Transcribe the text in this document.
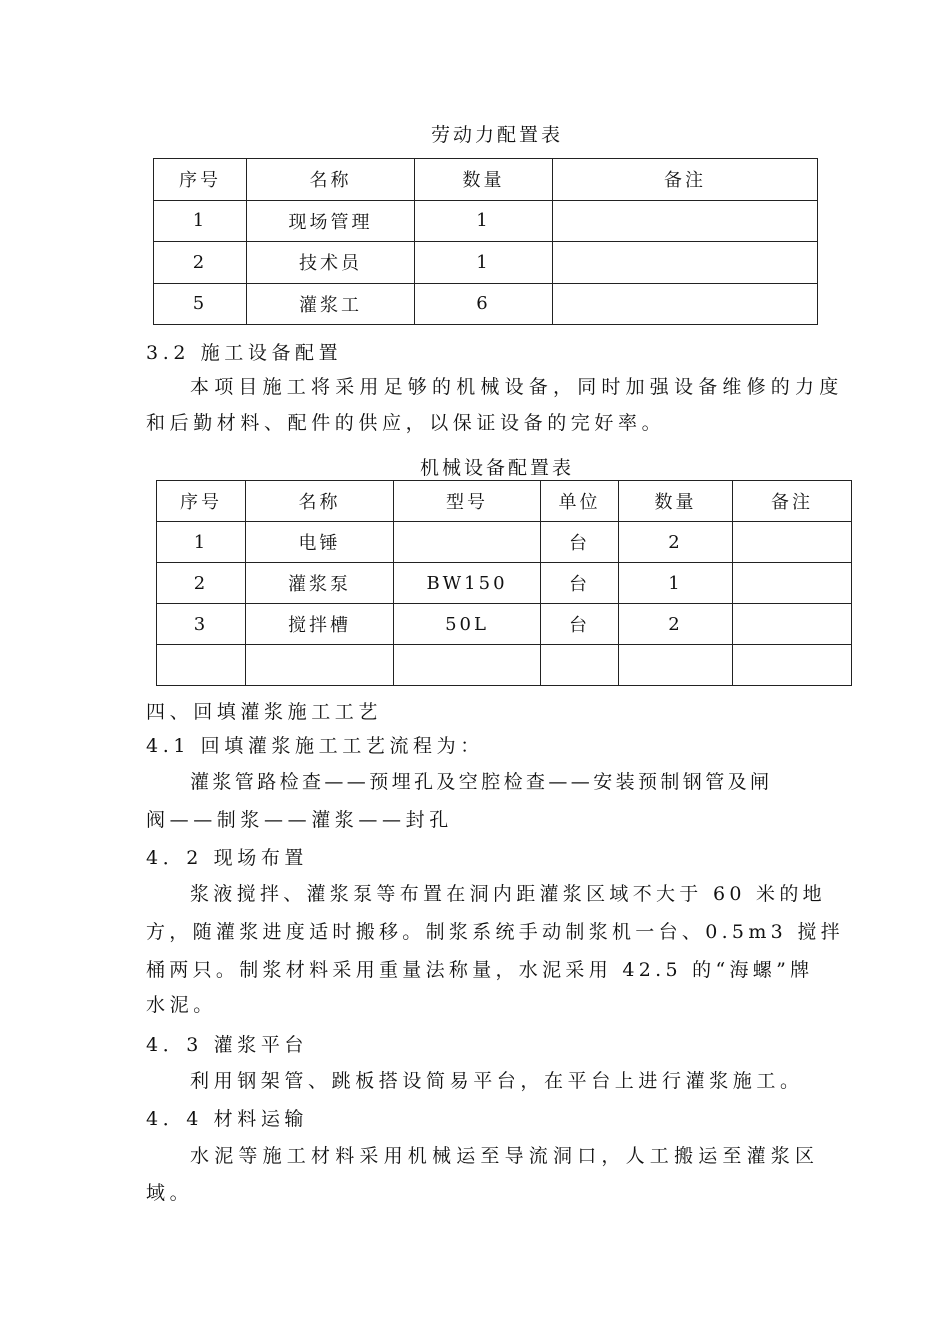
劳动力配置表
序号	名称	数量	备注
1	现场管理	1	
2	技术员	1	
5	灌浆工	6	
3.2 施工设备配置
本项目施工将采用足够的机械设备，同时加强设备维修的力度
和后勤材料、配件的供应，以保证设备的完好率。
机械设备配置表
序号	名称	型号	单位	数量	备注
1	电锤		台	2	
2	灌浆泵	BW150	台	1	
3	搅拌槽	50L	台	2	

四、回填灌浆施工工艺
4.1 回填灌浆施工工艺流程为：
灌浆管路检查——预埋孔及空腔检查——安装预制钢管及闸
阀——制浆——灌浆——封孔
4．2 现场布置
浆液搅拌、灌浆泵等布置在洞内距灌浆区域不大于 60 米的地
方，随灌浆进度适时搬移。制浆系统手动制浆机一台、0.5m3 搅拌
桶两只。制浆材料采用重量法称量，水泥采用 42.5 的“海螺”牌
水泥。
4．3 灌浆平台
利用钢架管、跳板搭设简易平台，在平台上进行灌浆施工。
4．4 材料运输
水泥等施工材料采用机械运至导流洞口，人工搬运至灌浆区
域。
